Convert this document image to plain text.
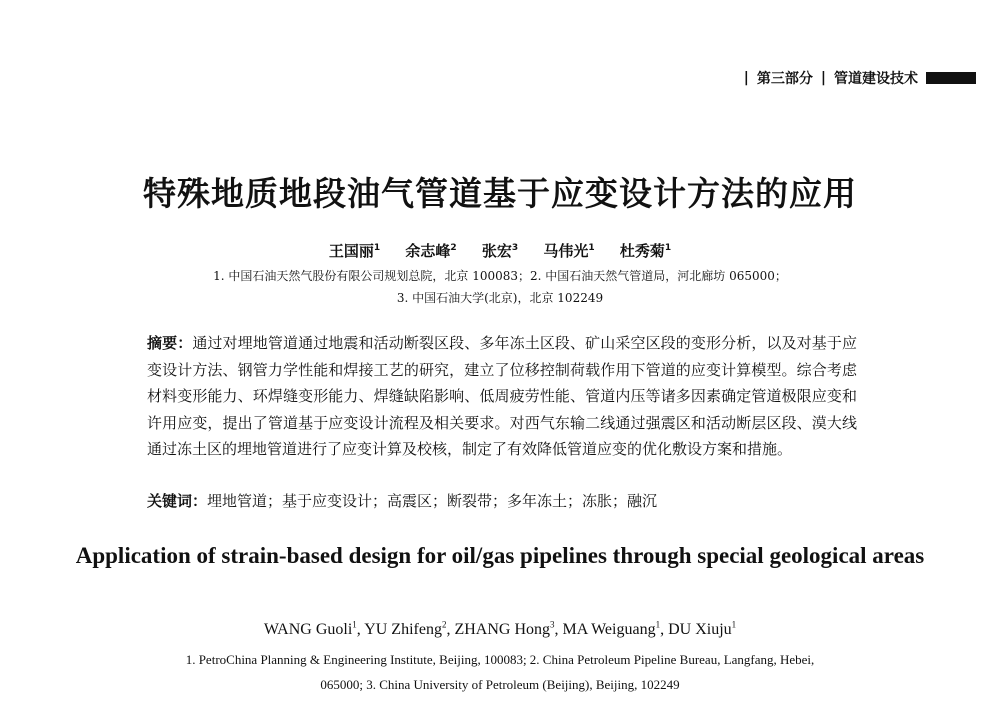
| 第三部分 | 管道建设技术
特殊地质地段油气管道基于应变设计方法的应用
王国丽$^1$ 余志峰$^2$ 张宏$^3$ 马伟光$^1$ 杜秀菊$^1$
1. 中国石油天然气股份有限公司规划总院，北京 100083；2. 中国石油天然气管道局，河北廊坊 065000；
3. 中国石油大学(北京)，北京 102249
摘要：通过对埋地管道通过地震和活动断裂区段、多年冻土区段、矿山采空区段的变形分析，以及对基于应变设计方法、钢管力学性能和焊接工艺的研究，建立了位移控制荷载作用下管道的应变计算模型。综合考虑材料变形能力、环焊缝变形能力、焊缝缺陷影响、低周疲劳性能、管道内压等诸多因素确定管道极限应变和许用应变，提出了管道基于应变设计流程及相关要求。对西气东输二线通过强震区和活动断层区段、漠大线通过冻土区的埋地管道进行了应变计算及校核，制定了有效降低管道应变的优化敷设方案和措施。
关键词：埋地管道；基于应变设计；高震区；断裂带；多年冻土；冻胀；融沉
Application of strain-based design for oil/gas pipelines through special geological areas
WANG Guoli$^1$ , YU Zhifeng$^2$ , ZHANG Hong$^3$ , MA Weiguang$^1$ , DU Xiuju$^1$
1. PetroChina Planning & Engineering Institute, Beijing, 100083; 2. China Petroleum Pipeline Bureau, Langfang, Hebei,
065000; 3. China University of Petroleum (Beijing), Beijing, 102249
